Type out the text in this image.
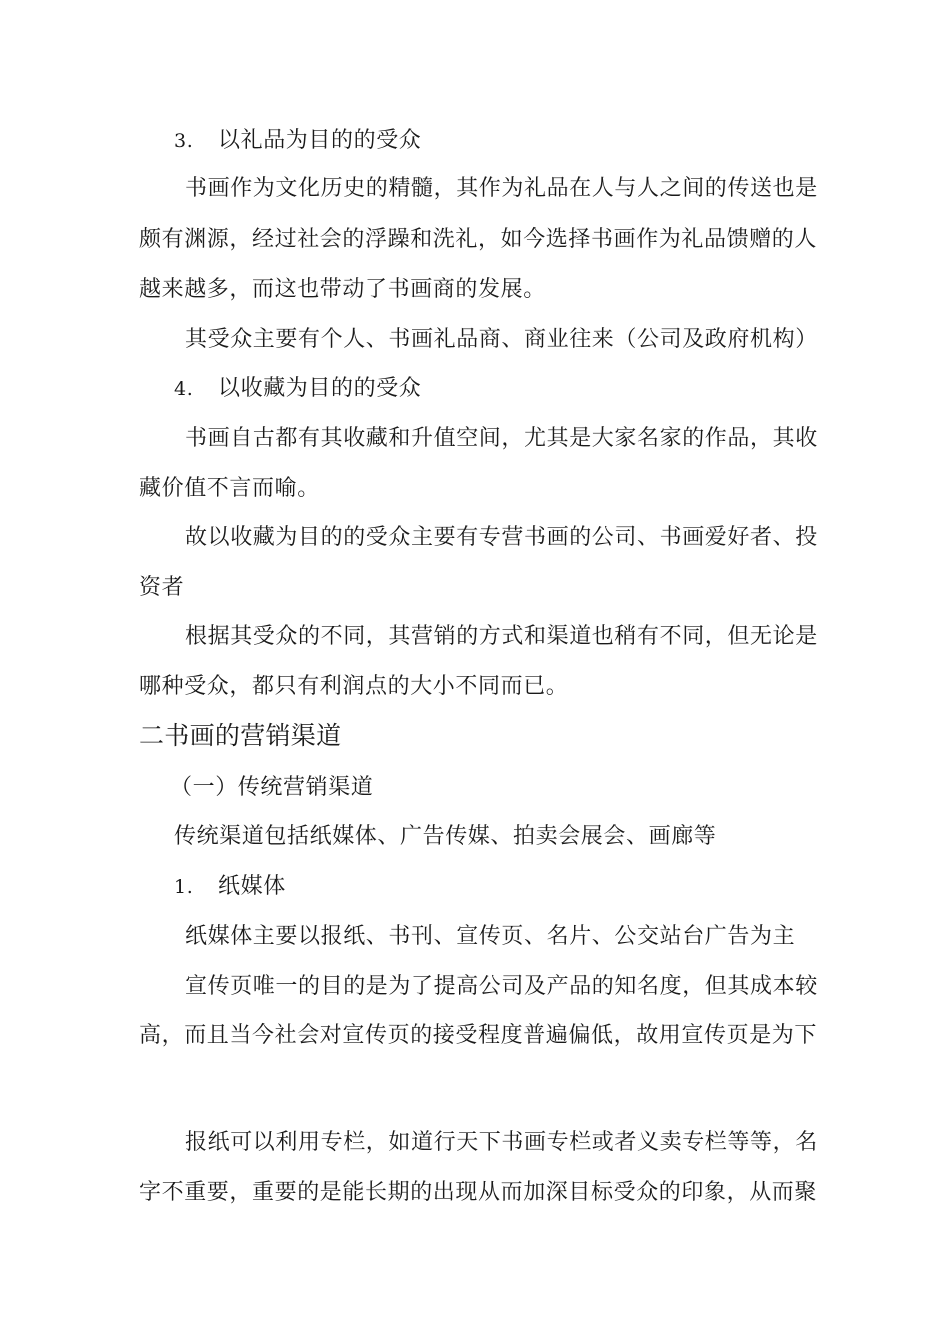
3. 以礼品为目的的受众
书画作为文化历史的精髓，其作为礼品在人与人之间的传送也是
颇有渊源，经过社会的浮躁和洗礼，如今选择书画作为礼品馈赠的人
越来越多，而这也带动了书画商的发展。
其受众主要有个人、书画礼品商、商业往来（公司及政府机构）
4. 以收藏为目的的受众
书画自古都有其收藏和升值空间，尤其是大家名家的作品，其收
藏价值不言而喻。
故以收藏为目的的受众主要有专营书画的公司、书画爱好者、投
资者
根据其受众的不同，其营销的方式和渠道也稍有不同，但无论是
哪种受众，都只有利润点的大小不同而已。
二书画的营销渠道
（一）传统营销渠道
传统渠道包括纸媒体、广告传媒、拍卖会展会、画廊等
1. 纸媒体
纸媒体主要以报纸、书刊、宣传页、名片、公交站台广告为主
宣传页唯一的目的是为了提高公司及产品的知名度，但其成本较
高，而且当今社会对宣传页的接受程度普遍偏低，故用宣传页是为下
报纸可以利用专栏，如道行天下书画专栏或者义卖专栏等等，名
字不重要，重要的是能长期的出现从而加深目标受众的印象，从而聚
